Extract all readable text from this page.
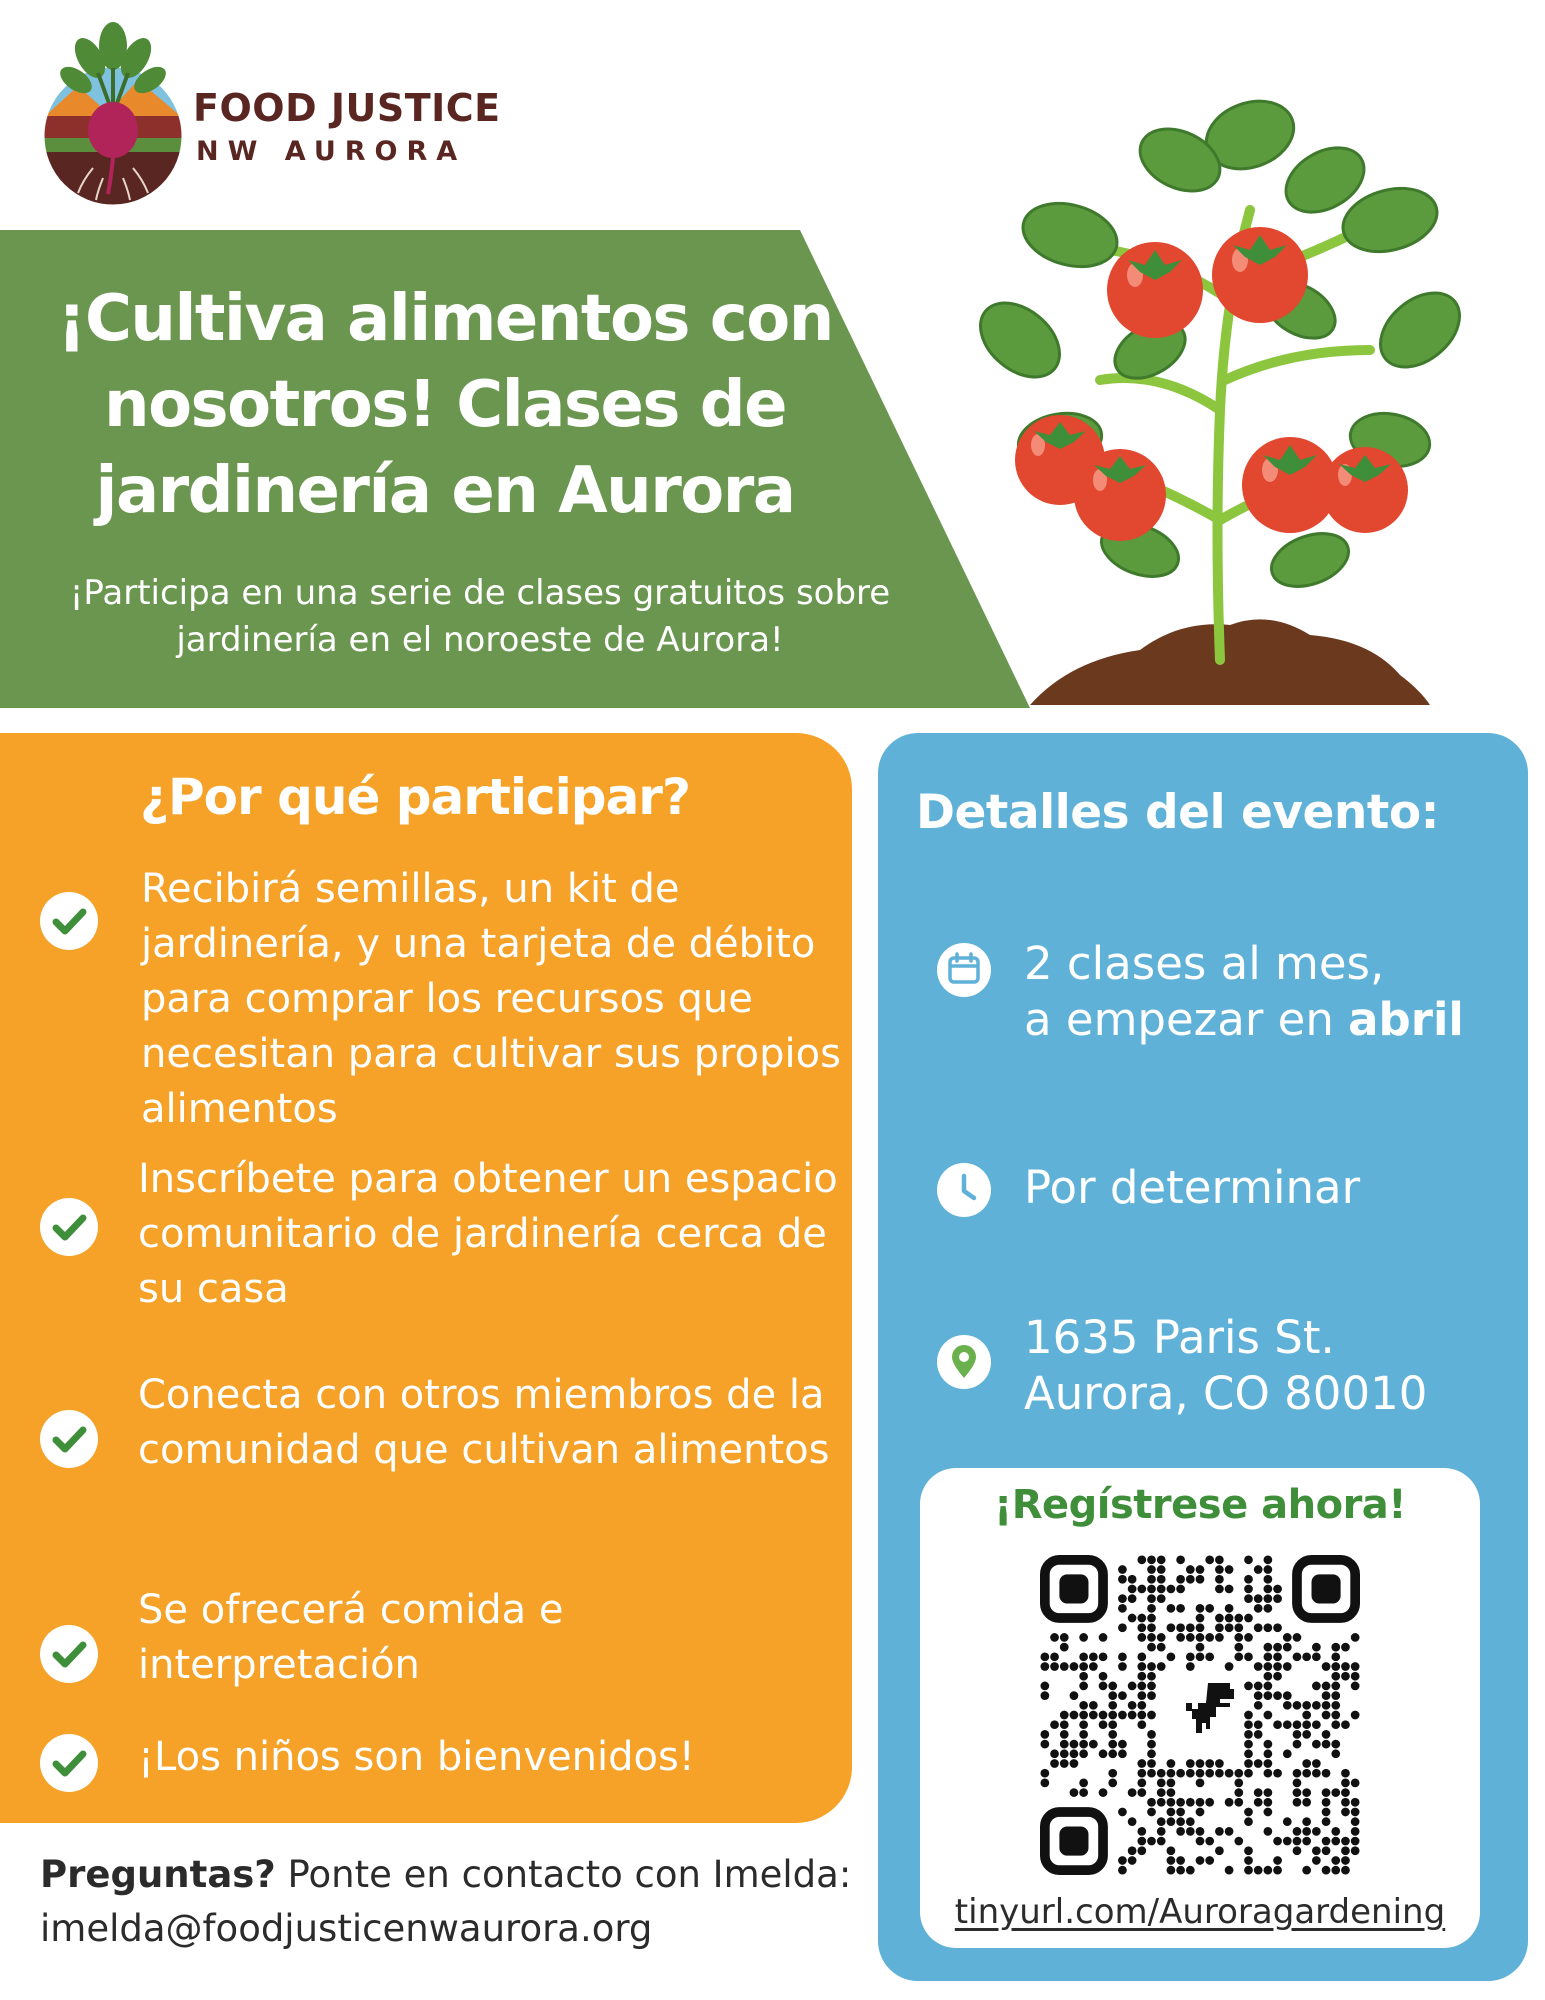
FOOD JUSTICE
NW AURORA
¡Cultiva alimentos con nosotros! Clases de jardinería en Aurora
¡Participa en una serie de clases gratuitos sobre jardinería en el noroeste de Aurora!
¿Por qué participar?
Recibirá semillas, un kit de jardinería, y una tarjeta de débito para comprar los recursos que necesitan para cultivar sus propios alimentos
Inscríbete para obtener un espacio comunitario de jardinería cerca de su casa
Conecta con otros miembros de la comunidad que cultivan alimentos
Se ofrecerá comida e interpretación
¡Los niños son bienvenidos!
Preguntas? Ponte en contacto con Imelda: imelda@foodjusticenwaurora.org
Detalles del evento:
2 clases al mes,
a empezar en abril
Por determinar
1635 Paris St.
Aurora, CO 80010
¡Regístrese ahora!
tinyurl.com/Auroragardening
